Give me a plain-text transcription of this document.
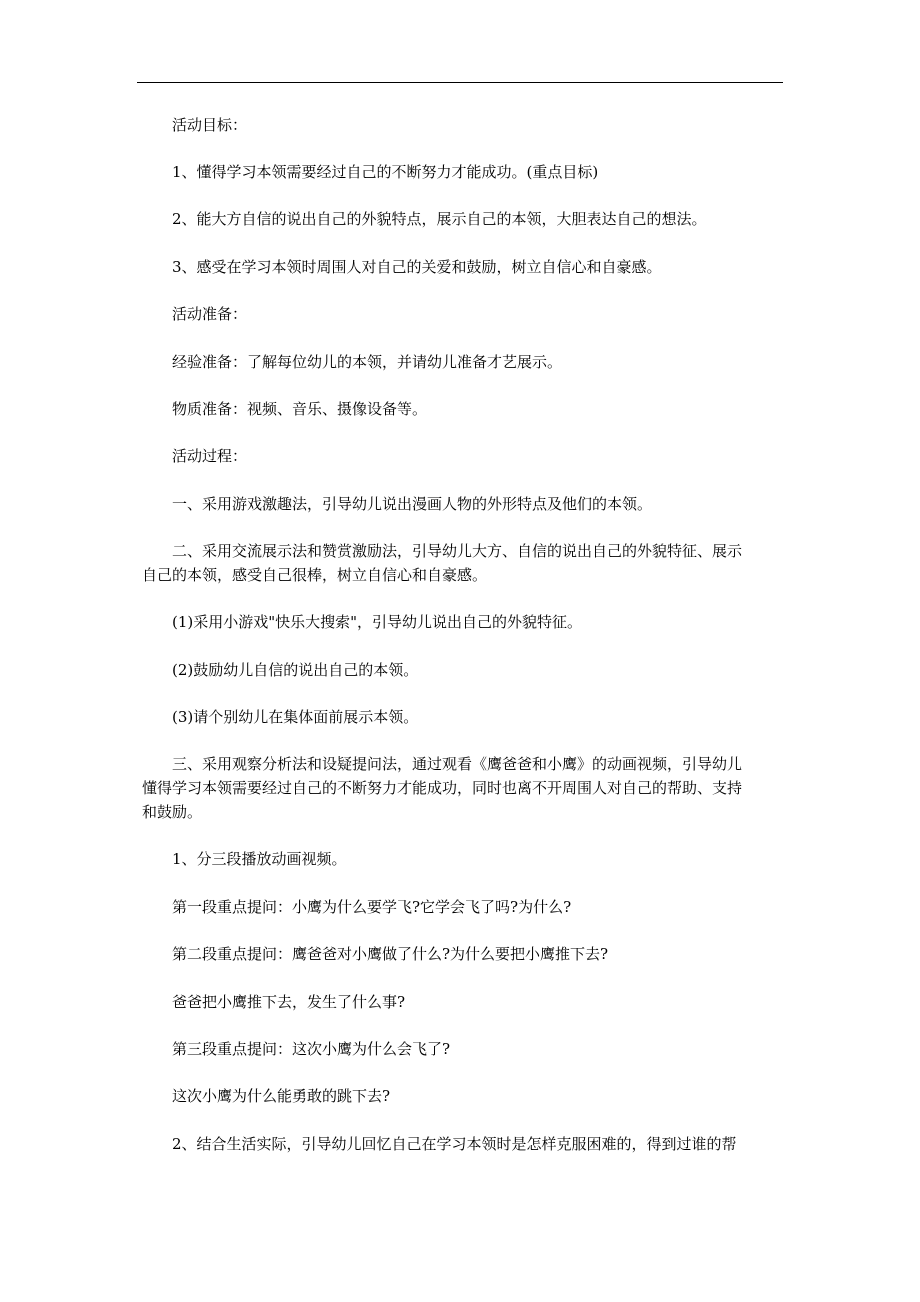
活动目标：
1、懂得学习本领需要经过自己的不断努力才能成功。(重点目标)
2、能大方自信的说出自己的外貌特点，展示自己的本领，大胆表达自己的想法。
3、感受在学习本领时周围人对自己的关爱和鼓励，树立自信心和自豪感。
活动准备：
经验准备：了解每位幼儿的本领，并请幼儿准备才艺展示。
物质准备：视频、音乐、摄像设备等。
活动过程：
一、采用游戏激趣法，引导幼儿说出漫画人物的外形特点及他们的本领。
二、采用交流展示法和赞赏激励法，引导幼儿大方、自信的说出自己的外貌特征、展示
自己的本领，感受自己很棒，树立自信心和自豪感。
(1)采用小游戏"快乐大搜索"，引导幼儿说出自己的外貌特征。
(2)鼓励幼儿自信的说出自己的本领。
(3)请个别幼儿在集体面前展示本领。
三、采用观察分析法和设疑提问法，通过观看《鹰爸爸和小鹰》的动画视频，引导幼儿
懂得学习本领需要经过自己的不断努力才能成功，同时也离不开周围人对自己的帮助、支持
和鼓励。
1、分三段播放动画视频。
第一段重点提问：小鹰为什么要学飞?它学会飞了吗?为什么?
第二段重点提问：鹰爸爸对小鹰做了什么?为什么要把小鹰推下去?
爸爸把小鹰推下去，发生了什么事?
第三段重点提问：这次小鹰为什么会飞了?
这次小鹰为什么能勇敢的跳下去?
2、结合生活实际，引导幼儿回忆自己在学习本领时是怎样克服困难的，得到过谁的帮
